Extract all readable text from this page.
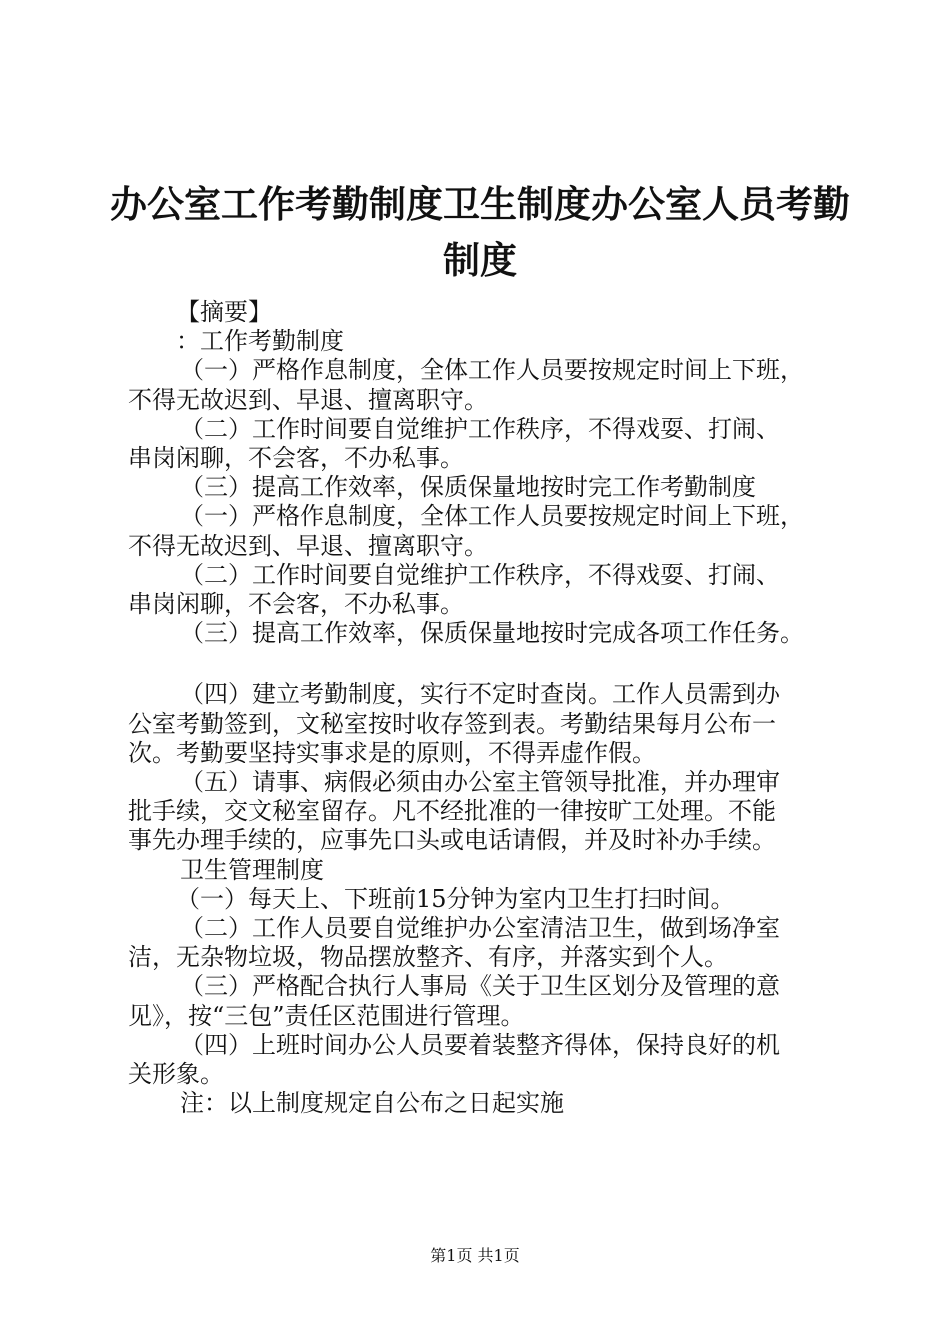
办公室工作考勤制度卫生制度办公室人员考勤
制度

【摘要】

：工作考勤制度

（一）严格作息制度，全体工作人员要按规定时间上下班，
不得无故迟到、早退、擅离职守。

（二）工作时间要自觉维护工作秩序，不得戏耍、打闹、
串岗闲聊，不会客，不办私事。

（三）提高工作效率，保质保量地按时完工作考勤制度

（一）严格作息制度，全体工作人员要按规定时间上下班，
不得无故迟到、早退、擅离职守。

（二）工作时间要自觉维护工作秩序，不得戏耍、打闹、
串岗闲聊，不会客，不办私事。

（三）提高工作效率，保质保量地按时完成各项工作任务。

（四）建立考勤制度，实行不定时查岗。工作人员需到办
公室考勤签到，文秘室按时收存签到表。考勤结果每月公布一
次。考勤要坚持实事求是的原则，不得弄虚作假。

（五）请事、病假必须由办公室主管领导批准，并办理审
批手续，交文秘室留存。凡不经批准的一律按旷工处理。不能
事先办理手续的，应事先口头或电话请假，并及时补办手续。

卫生管理制度

（一）每天上、下班前15分钟为室内卫生打扫时间。

（二）工作人员要自觉维护办公室清洁卫生，做到场净室
洁，无杂物垃圾，物品摆放整齐、有序，并落实到个人。

（三）严格配合执行人事局《关于卫生区划分及管理的意
见》，按“三包”责任区范围进行管理。

（四）上班时间办公人员要着装整齐得体，保持良好的机
关形象。

注：以上制度规定自公布之日起实施

第1页 共1页
